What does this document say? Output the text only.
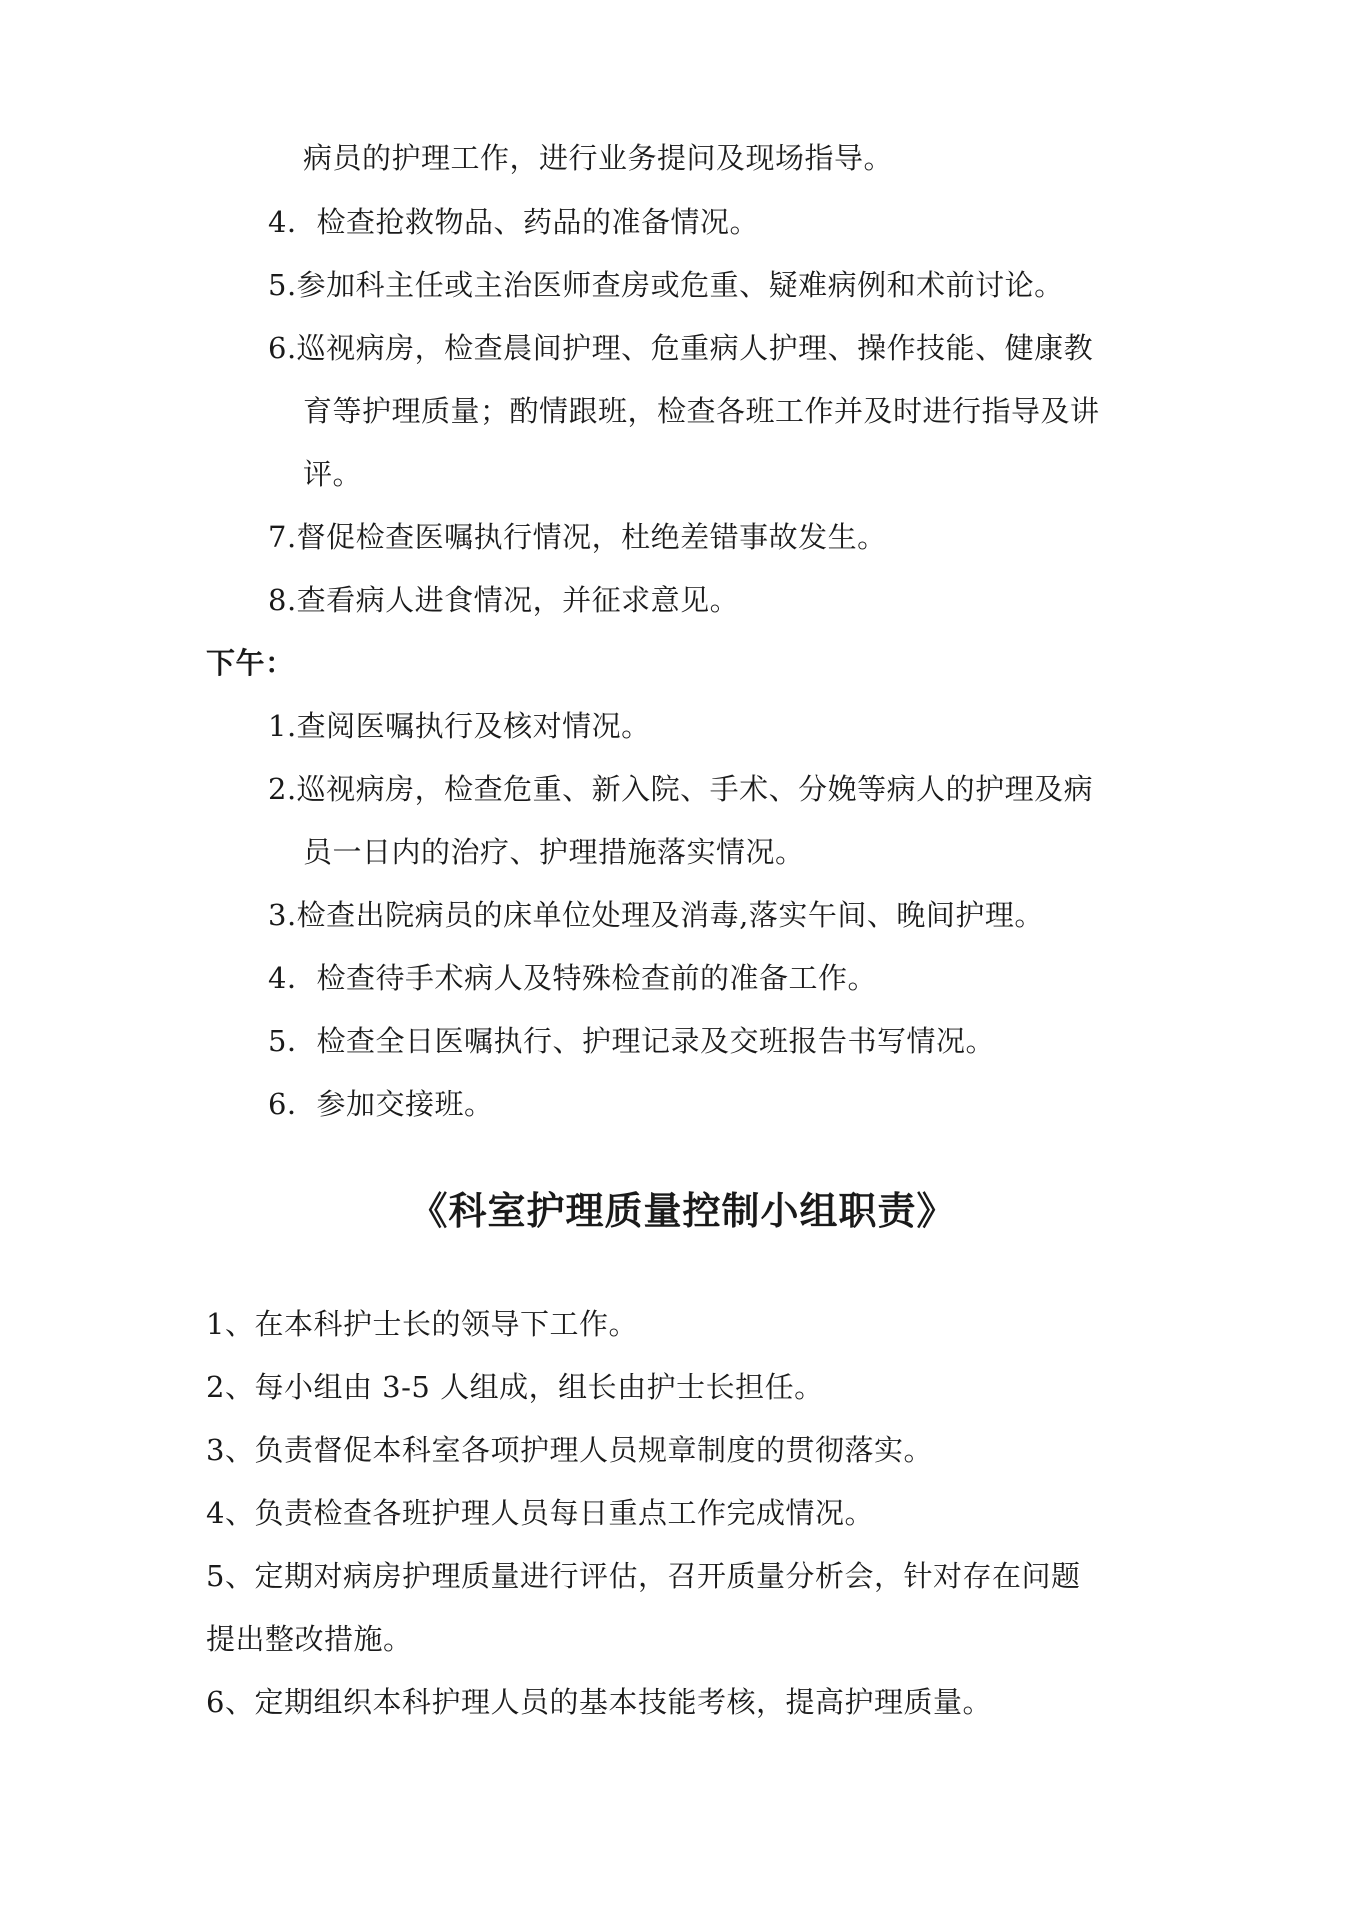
病员的护理工作，进行业务提问及现场指导。
4．检查抢救物品、药品的准备情况。
5.参加科主任或主治医师查房或危重、疑难病例和术前讨论。
6.巡视病房，检查晨间护理、危重病人护理、操作技能、健康教
育等护理质量；酌情跟班，检查各班工作并及时进行指导及讲
评。
7.督促检查医嘱执行情况，杜绝差错事故发生。
8.查看病人进食情况，并征求意见。
下午：
1.查阅医嘱执行及核对情况。
2.巡视病房，检查危重、新入院、手术、分娩等病人的护理及病
员一日内的治疗、护理措施落实情况。
3.检查出院病员的床单位处理及消毒,落实午间、晚间护理。
4．检查待手术病人及特殊检查前的准备工作。
5．检查全日医嘱执行、护理记录及交班报告书写情况。
6．参加交接班。
《科室护理质量控制小组职责》
1、在本科护士长的领导下工作。
2、每小组由 3-5 人组成，组长由护士长担任。
3、负责督促本科室各项护理人员规章制度的贯彻落实。
4、负责检查各班护理人员每日重点工作完成情况。
5、定期对病房护理质量进行评估，召开质量分析会，针对存在问题
提出整改措施。
6、定期组织本科护理人员的基本技能考核，提高护理质量。
